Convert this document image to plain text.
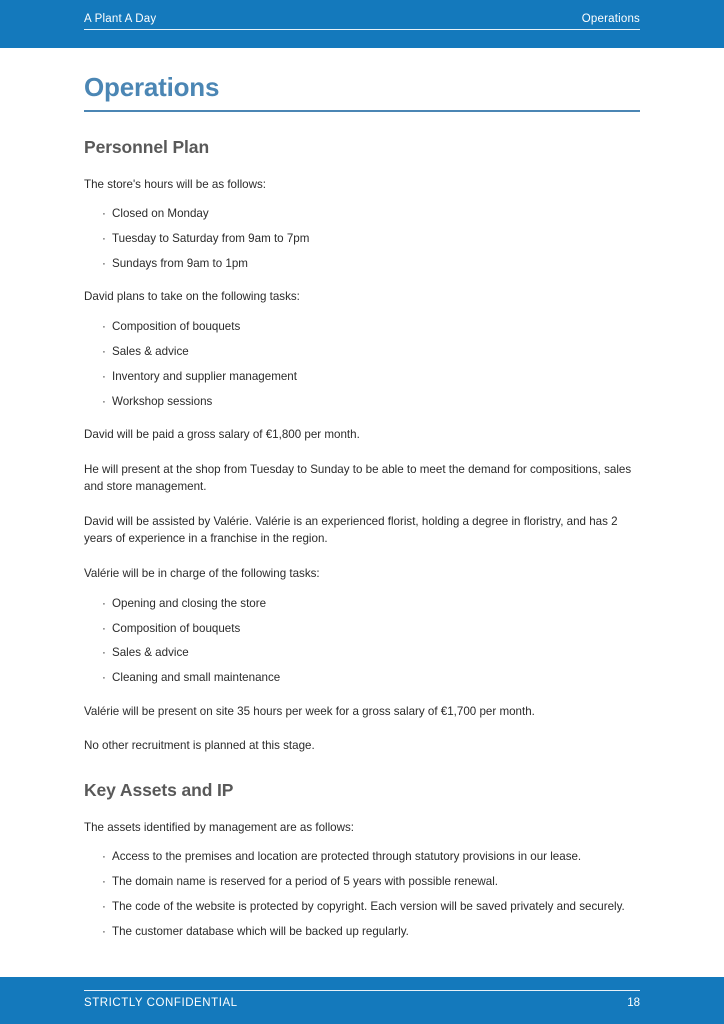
A Plant A Day	Operations
Operations
Personnel Plan

The store's hours will be as follows:

· Closed on Monday
· Tuesday to Saturday from 9am to 7pm
· Sundays from 9am to 1pm

David plans to take on the following tasks:

· Composition of bouquets
· Sales & advice
· Inventory and supplier management
· Workshop sessions

David will be paid a gross salary of €1,800 per month.

He will present at the shop from Tuesday to Sunday to be able to meet the demand for compositions, sales and store management.

David will be assisted by Valérie. Valérie is an experienced florist, holding a degree in floristry, and has 2 years of experience in a franchise in the region.

Valérie will be in charge of the following tasks:

· Opening and closing the store
· Composition of bouquets
· Sales & advice
· Cleaning and small maintenance

Valérie will be present on site 35 hours per week for a gross salary of €1,700 per month.

No other recruitment is planned at this stage.

Key Assets and IP

The assets identified by management are as follows:

· Access to the premises and location are protected through statutory provisions in our lease.
· The domain name is reserved for a period of 5 years with possible renewal.
· The code of the website is protected by copyright. Each version will be saved privately and securely.
· The customer database which will be backed up regularly.
STRICTLY CONFIDENTIAL	18
